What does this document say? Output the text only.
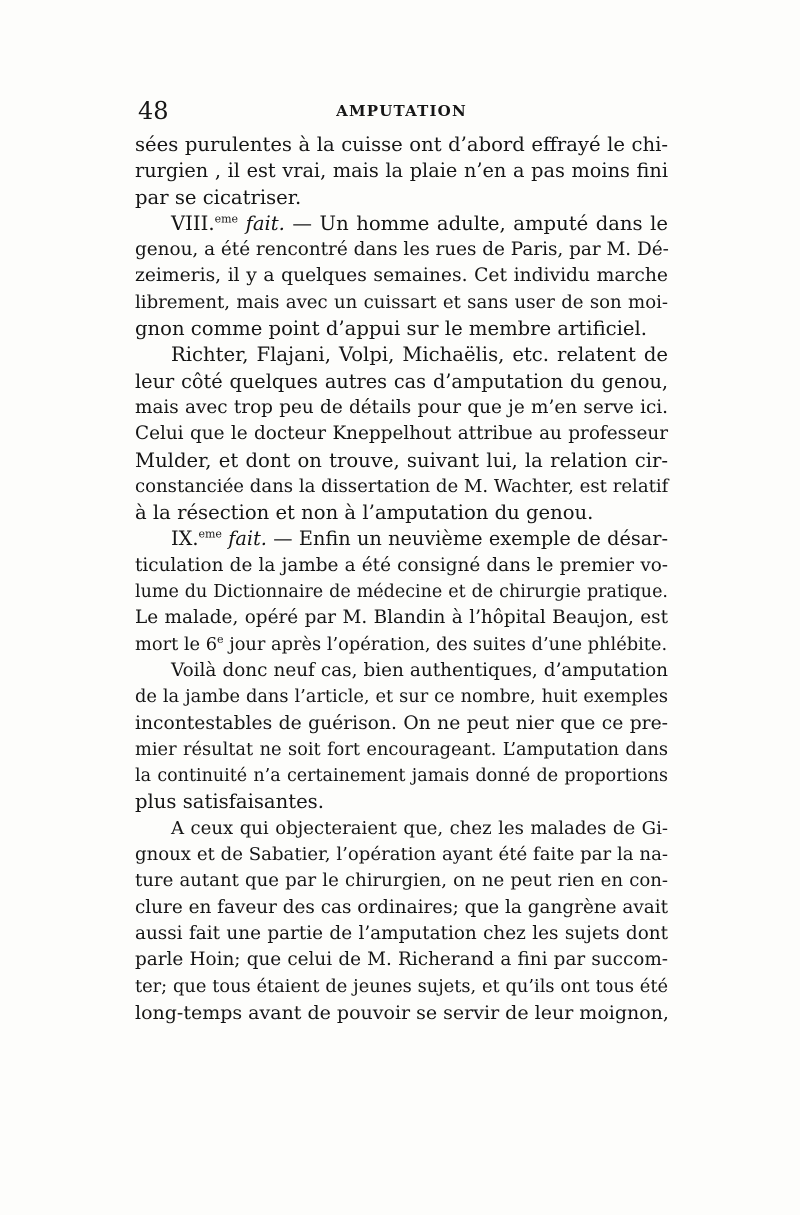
48	AMPUTATION
sées purulentes à la cuisse ont d’abord effrayé le chi-
rurgien , il est vrai, mais la plaie n’en a pas moins fini
par se cicatriser.
VIII.$^{eme}$ fait. — Un homme adulte, amputé dans le
genou, a été rencontré dans les rues de Paris, par M. Dé-
zeimeris, il y a quelques semaines. Cet individu marche
librement, mais avec un cuissart et sans user de son moi-
gnon comme point d’appui sur le membre artificiel.
Richter, Flajani, Volpi, Michaëlis, etc. relatent de
leur côté quelques autres cas d’amputation du genou,
mais avec trop peu de détails pour que je m’en serve ici.
Celui que le docteur Kneppelhout attribue au professeur
Mulder, et dont on trouve, suivant lui, la relation cir-
constanciée dans la dissertation de M. Wachter, est relatif
à la résection et non à l’amputation du genou.
IX.$^{eme}$ fait. — Enfin un neuvième exemple de désar-
ticulation de la jambe a été consigné dans le premier vo-
lume du Dictionnaire de médecine et de chirurgie pratique.
Le malade, opéré par M. Blandin à l’hôpital Beaujon, est
mort le 6e jour après l’opération, des suites d’une phlébite.
Voilà donc neuf cas, bien authentiques, d’amputation
de la jambe dans l’article, et sur ce nombre, huit exemples
incontestables de guérison. On ne peut nier que ce pre-
mier résultat ne soit fort encourageant. L’amputation dans
la continuité n’a certainement jamais donné de proportions
plus satisfaisantes.
A ceux qui objecteraient que, chez les malades de Gi-
gnoux et de Sabatier, l’opération ayant été faite par la na-
ture autant que par le chirurgien, on ne peut rien en con-
clure en faveur des cas ordinaires; que la gangrène avait
aussi fait une partie de l’amputation chez les sujets dont
parle Hoin; que celui de M. Richerand a fini par succom-
ter; que tous étaient de jeunes sujets, et qu’ils ont tous été
long-temps avant de pouvoir se servir de leur moignon,
